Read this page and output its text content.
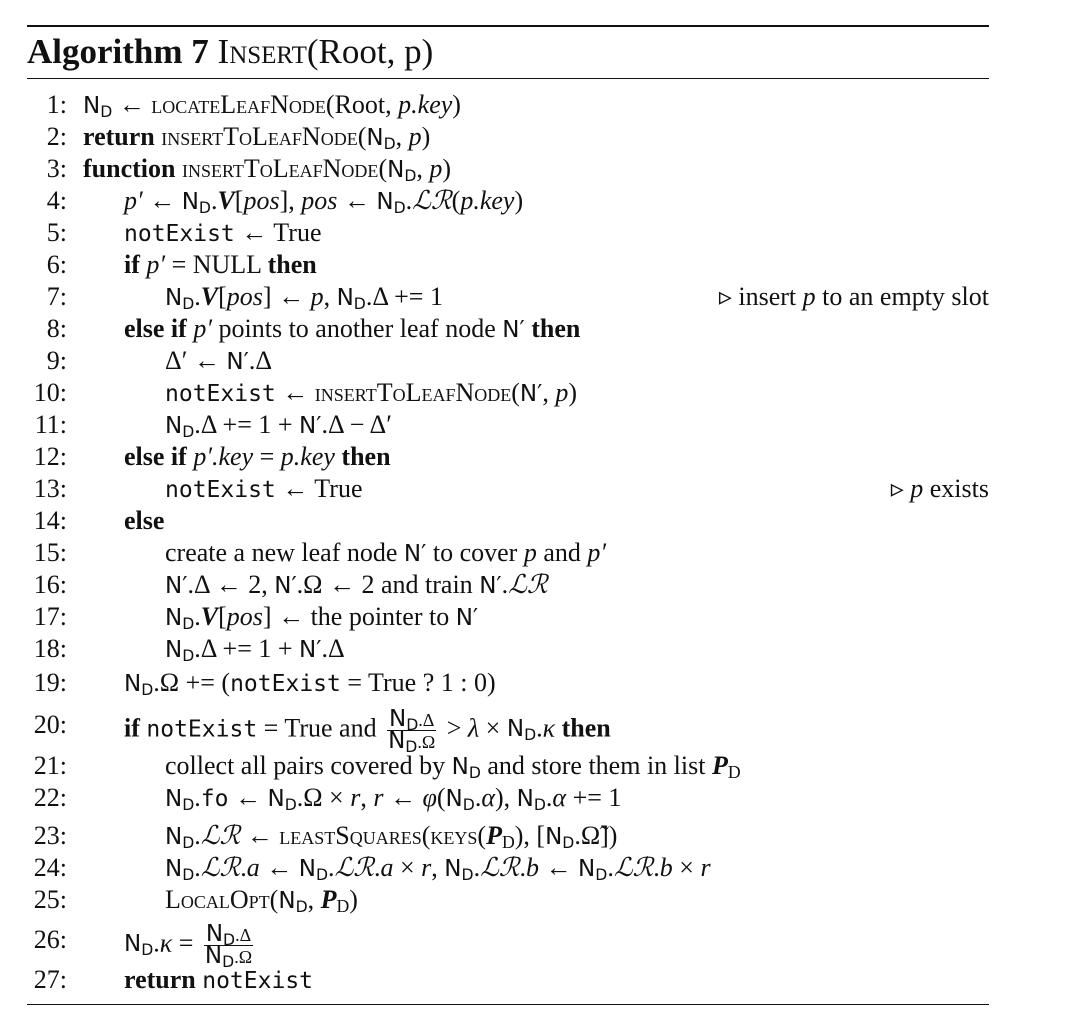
Algorithm 7 Insert(Root, p)
1: $N_D$ ← locateLeafNode(Root, p.key)
2: return $insertToLeafNode(N_D$, p)
3: function $insertToLeafNode(N_D$, p)
4: p′ ← $N_D.V[pos]$, pos ← $N_D.ℒℛ(p.key)$
5: notExist ← True
6: if p′ = NULL then
7:	$N_D.V[pos]$ ← p, $N_D.\Delta += 1$	▹ insert p to an empty slot
8: else if p′ points to another leaf node N′ then
9:	Δ′ ← N′.Δ
10:	notExist ← insertToLeafNode(N′, p)
11:	$N_D.\Delta += 1 + N'.\Delta - \Delta'$
12: else if p′.key = p.key then
13:	notExist ← True	▹ p exists
14: else
15:	create a new leaf node N′ to cover p and p′
16:	N′.Δ ← 2, N′.Ω ← 2 and train N′.ℒℛ
17:	$N_D.V[pos]$ ← the pointer to N′
18:	$N_D.\Delta += 1 + N'.\Delta$
19: $N_D.\Omega$ += (notExist = True ? 1 : 0)
20: if notExist = True and $\frac{N_D.\Delta}{N_D.\Omega} > \lambda \times N_D.\kappa$ then
21:	collect all pairs covered by $N_D$ and store them in list $P_D$
22:	$N_D.fo$ ← $N_D.\Omega \times r$, r ← $\varphi(N_D.\alpha)$, $N_D.\alpha += 1$
23:	$N_D.ℒℛ$ ← $leastSquares(keys(P_D)$, $[N_D.\Omegã]$)
24:	$N_D.ℒℛ.a$ ← $N_D.ℒℛ.a \times r$, $N_D.ℒℛ.b$ ← $N_D.ℒℛ.b \times r$
25:	$LocalOpt(N_D$, $P_D$)
26: $N_D.\kappa = \frac{N_D.\Delta}{N_D.\Omega}$
27: return notExist
